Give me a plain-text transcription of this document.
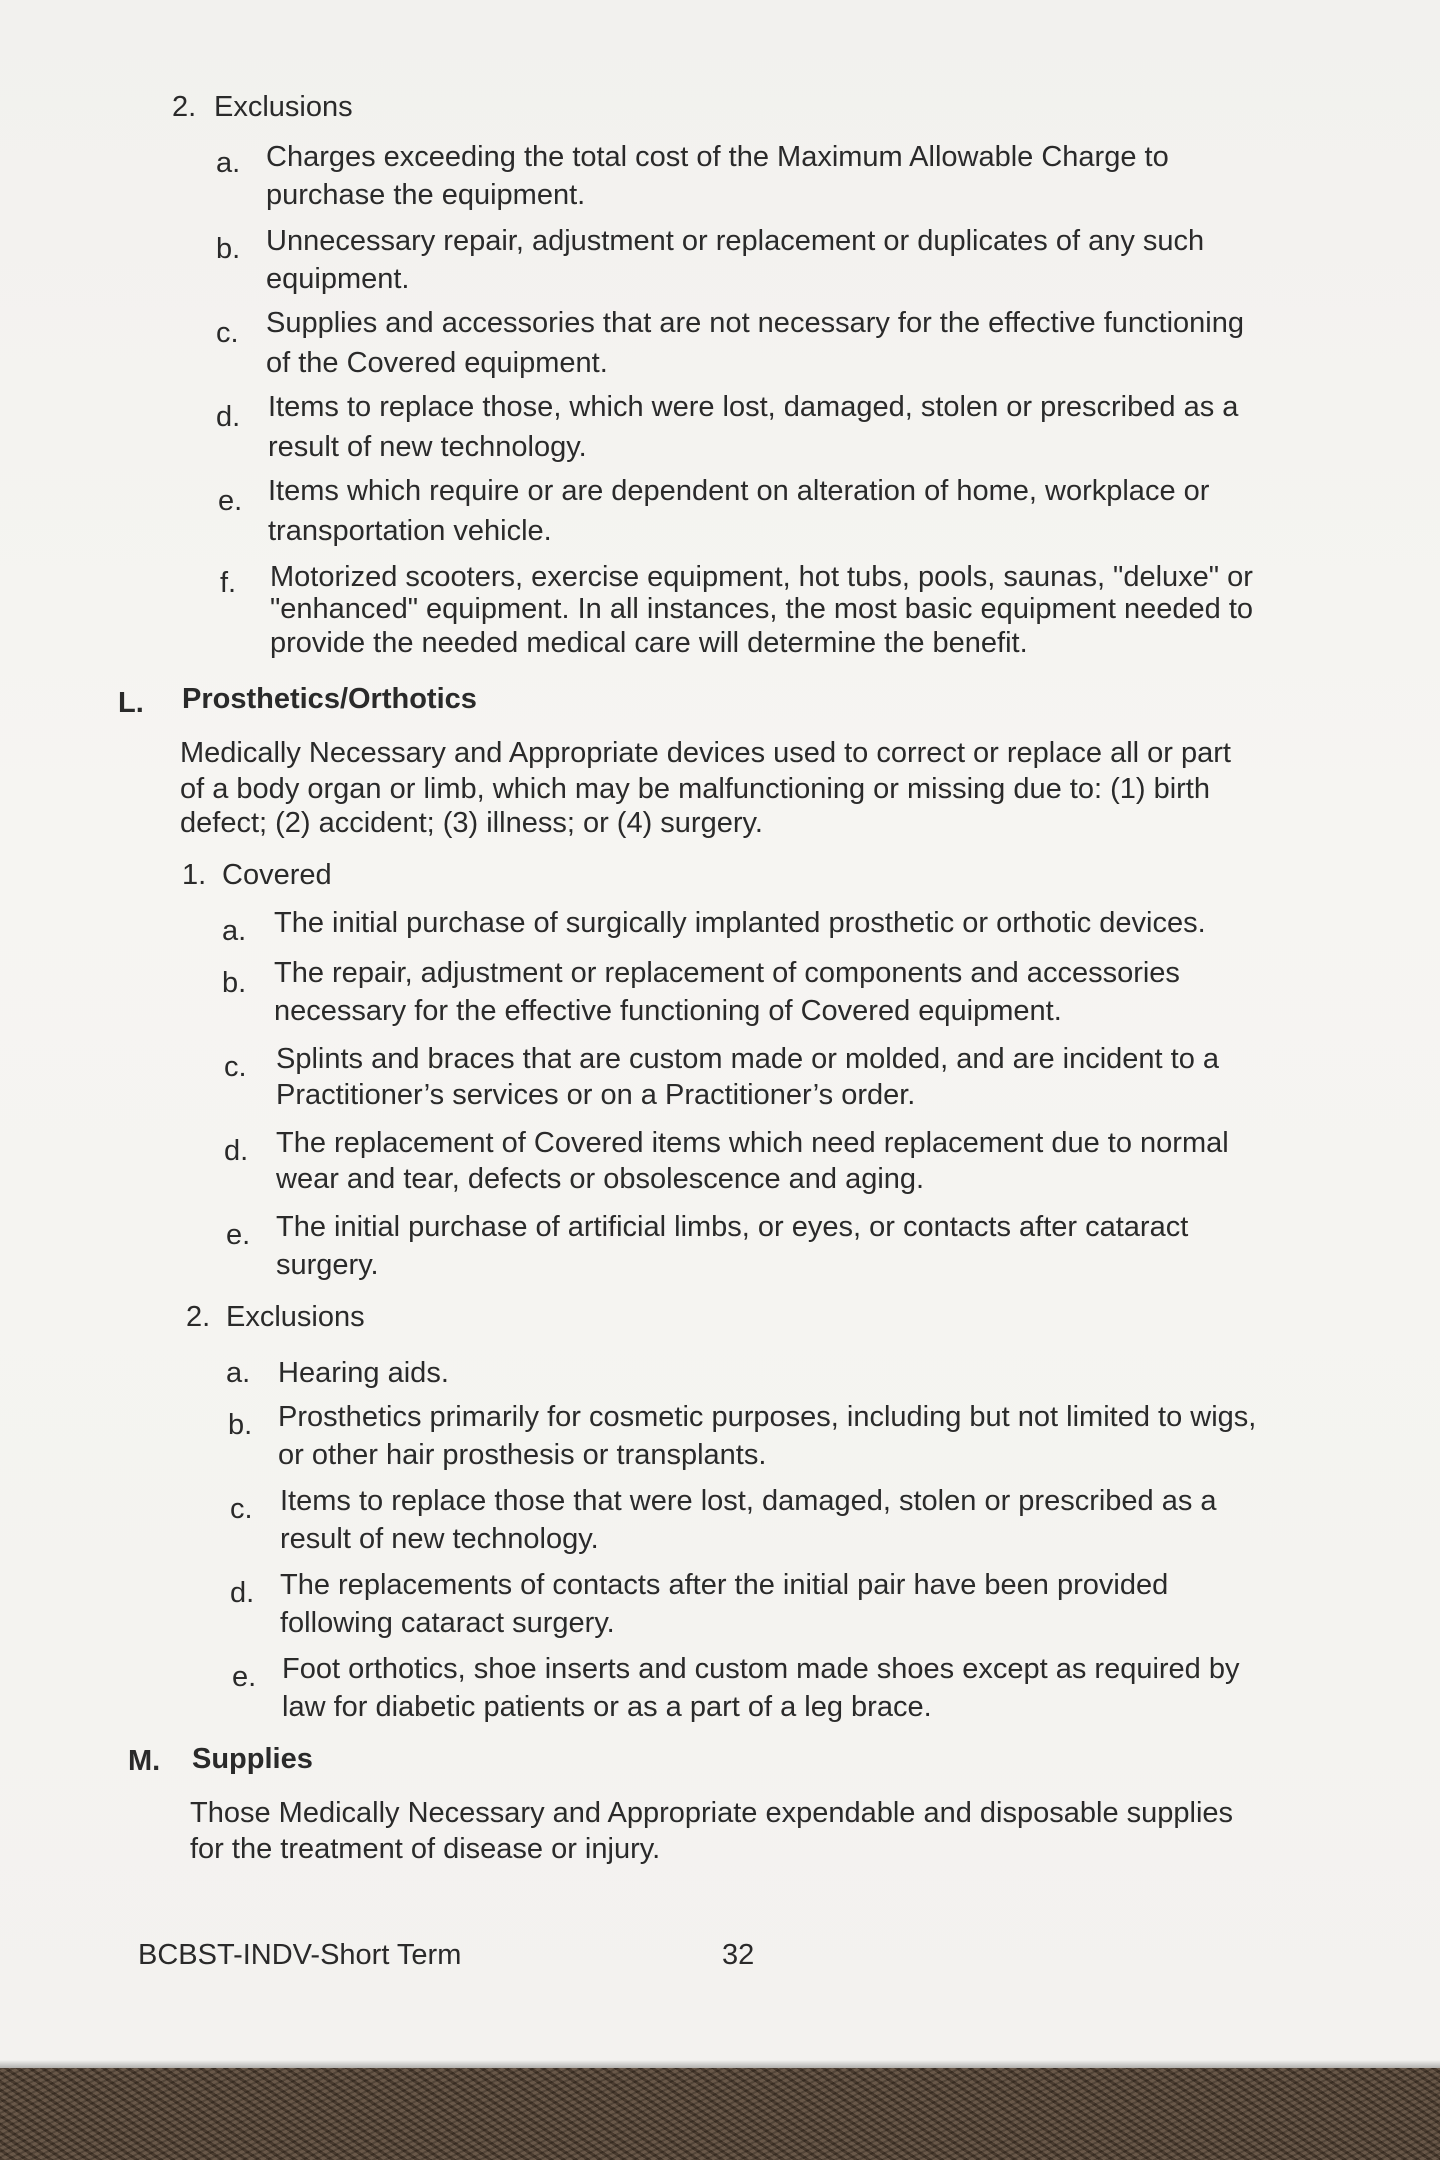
2. Exclusions
a. Charges exceeding the total cost of the Maximum Allowable Charge to
purchase the equipment.
b. Unnecessary repair, adjustment or replacement or duplicates of any such
equipment.
c. Supplies and accessories that are not necessary for the effective functioning
of the Covered equipment.
d. Items to replace those, which were lost, damaged, stolen or prescribed as a
result of new technology.
e. Items which require or are dependent on alteration of home, workplace or
transportation vehicle.
f. Motorized scooters, exercise equipment, hot tubs, pools, saunas, "deluxe" or
"enhanced" equipment. In all instances, the most basic equipment needed to
provide the needed medical care will determine the benefit.
L. Prosthetics/Orthotics
Medically Necessary and Appropriate devices used to correct or replace all or part
of a body organ or limb, which may be malfunctioning or missing due to: (1) birth
defect; (2) accident; (3) illness; or (4) surgery.
1. Covered
a. The initial purchase of surgically implanted prosthetic or orthotic devices.
b. The repair, adjustment or replacement of components and accessories
necessary for the effective functioning of Covered equipment.
c. Splints and braces that are custom made or molded, and are incident to a
Practitioner’s services or on a Practitioner’s order.
d. The replacement of Covered items which need replacement due to normal
wear and tear, defects or obsolescence and aging.
e. The initial purchase of artificial limbs, or eyes, or contacts after cataract
surgery.
2. Exclusions
a. Hearing aids.
b. Prosthetics primarily for cosmetic purposes, including but not limited to wigs,
or other hair prosthesis or transplants.
c. Items to replace those that were lost, damaged, stolen or prescribed as a
result of new technology.
d. The replacements of contacts after the initial pair have been provided
following cataract surgery.
e. Foot orthotics, shoe inserts and custom made shoes except as required by
law for diabetic patients or as a part of a leg brace.
M. Supplies
Those Medically Necessary and Appropriate expendable and disposable supplies
for the treatment of disease or injury.
BCBST-INDV-Short Term	32
